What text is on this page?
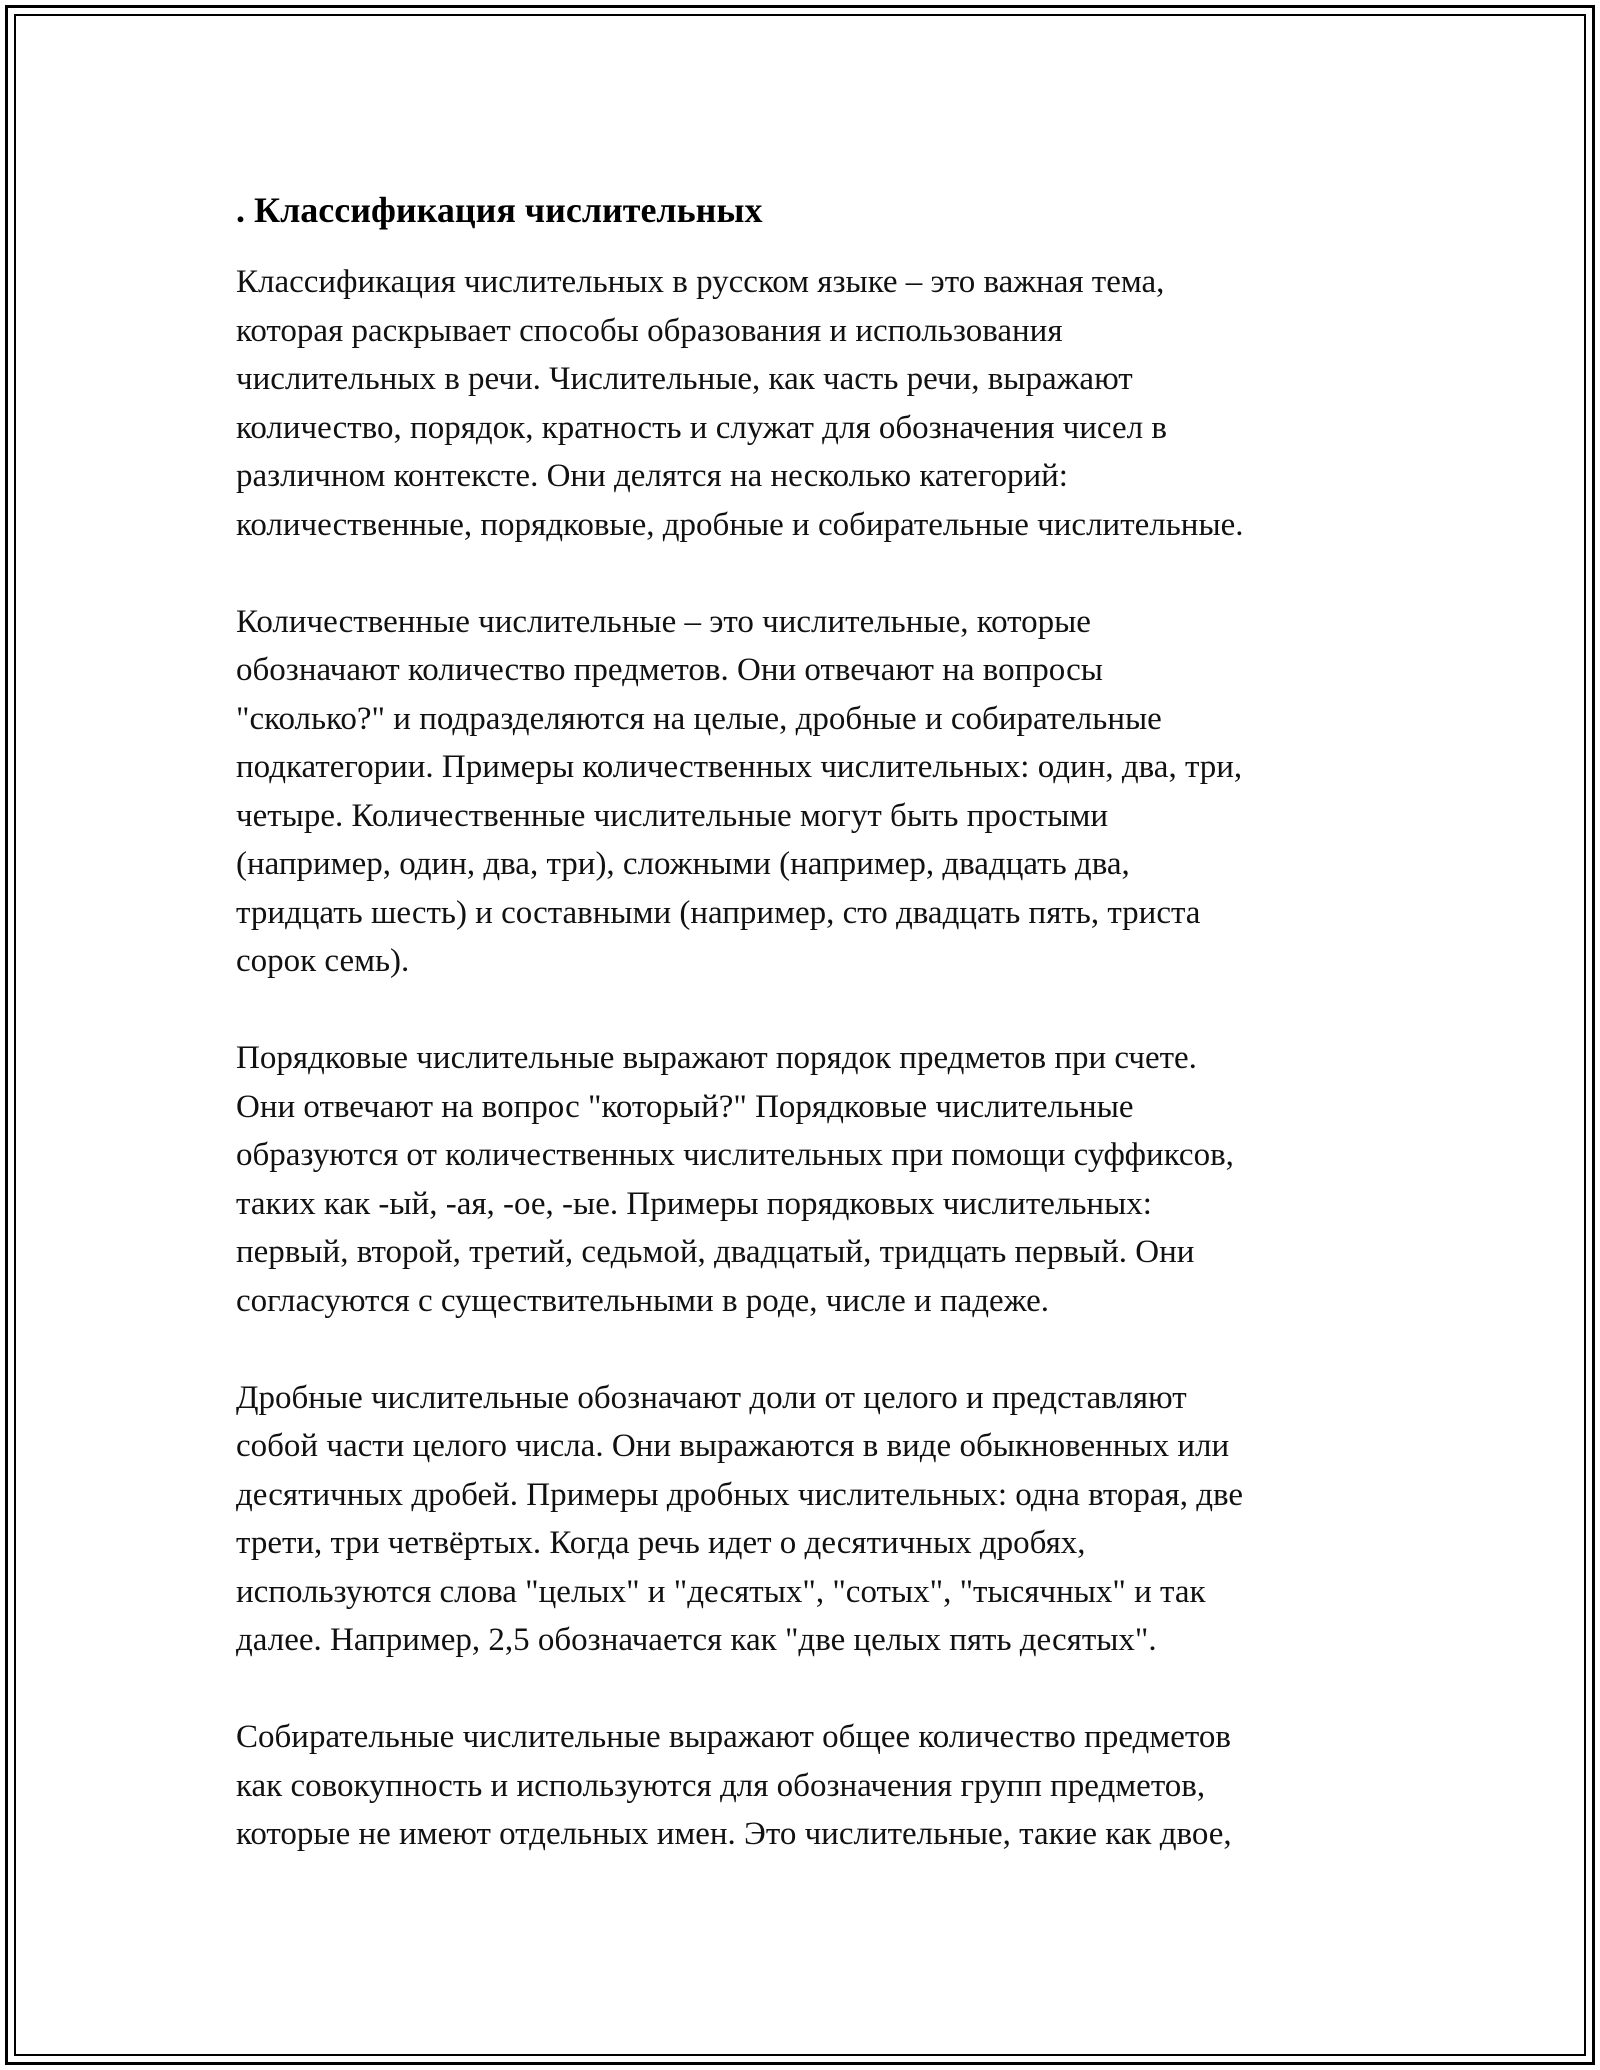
. Классификация числительных
Классификация числительных в русском языке – это важная тема,
которая раскрывает способы образования и использования
числительных в речи. Числительные, как часть речи, выражают
количество, порядок, кратность и служат для обозначения чисел в
различном контексте. Они делятся на несколько категорий:
количественные, порядковые, дробные и собирательные числительные.
Количественные числительные – это числительные, которые
обозначают количество предметов. Они отвечают на вопросы
"сколько?" и подразделяются на целые, дробные и собирательные
подкатегории. Примеры количественных числительных: один, два, три,
четыре. Количественные числительные могут быть простыми
(например, один, два, три), сложными (например, двадцать два,
тридцать шесть) и составными (например, сто двадцать пять, триста
сорок семь).
Порядковые числительные выражают порядок предметов при счете.
Они отвечают на вопрос "который?" Порядковые числительные
образуются от количественных числительных при помощи суффиксов,
таких как -ый, -ая, -ое, -ые. Примеры порядковых числительных:
первый, второй, третий, седьмой, двадцатый, тридцать первый. Они
согласуются с существительными в роде, числе и падеже.
Дробные числительные обозначают доли от целого и представляют
собой части целого числа. Они выражаются в виде обыкновенных или
десятичных дробей. Примеры дробных числительных: одна вторая, две
трети, три четвёртых. Когда речь идет о десятичных дробях,
используются слова "целых" и "десятых", "сотых", "тысячных" и так
далее. Например, 2,5 обозначается как "две целых пять десятых".
Собирательные числительные выражают общее количество предметов
как совокупность и используются для обозначения групп предметов,
которые не имеют отдельных имен. Это числительные, такие как двое,
